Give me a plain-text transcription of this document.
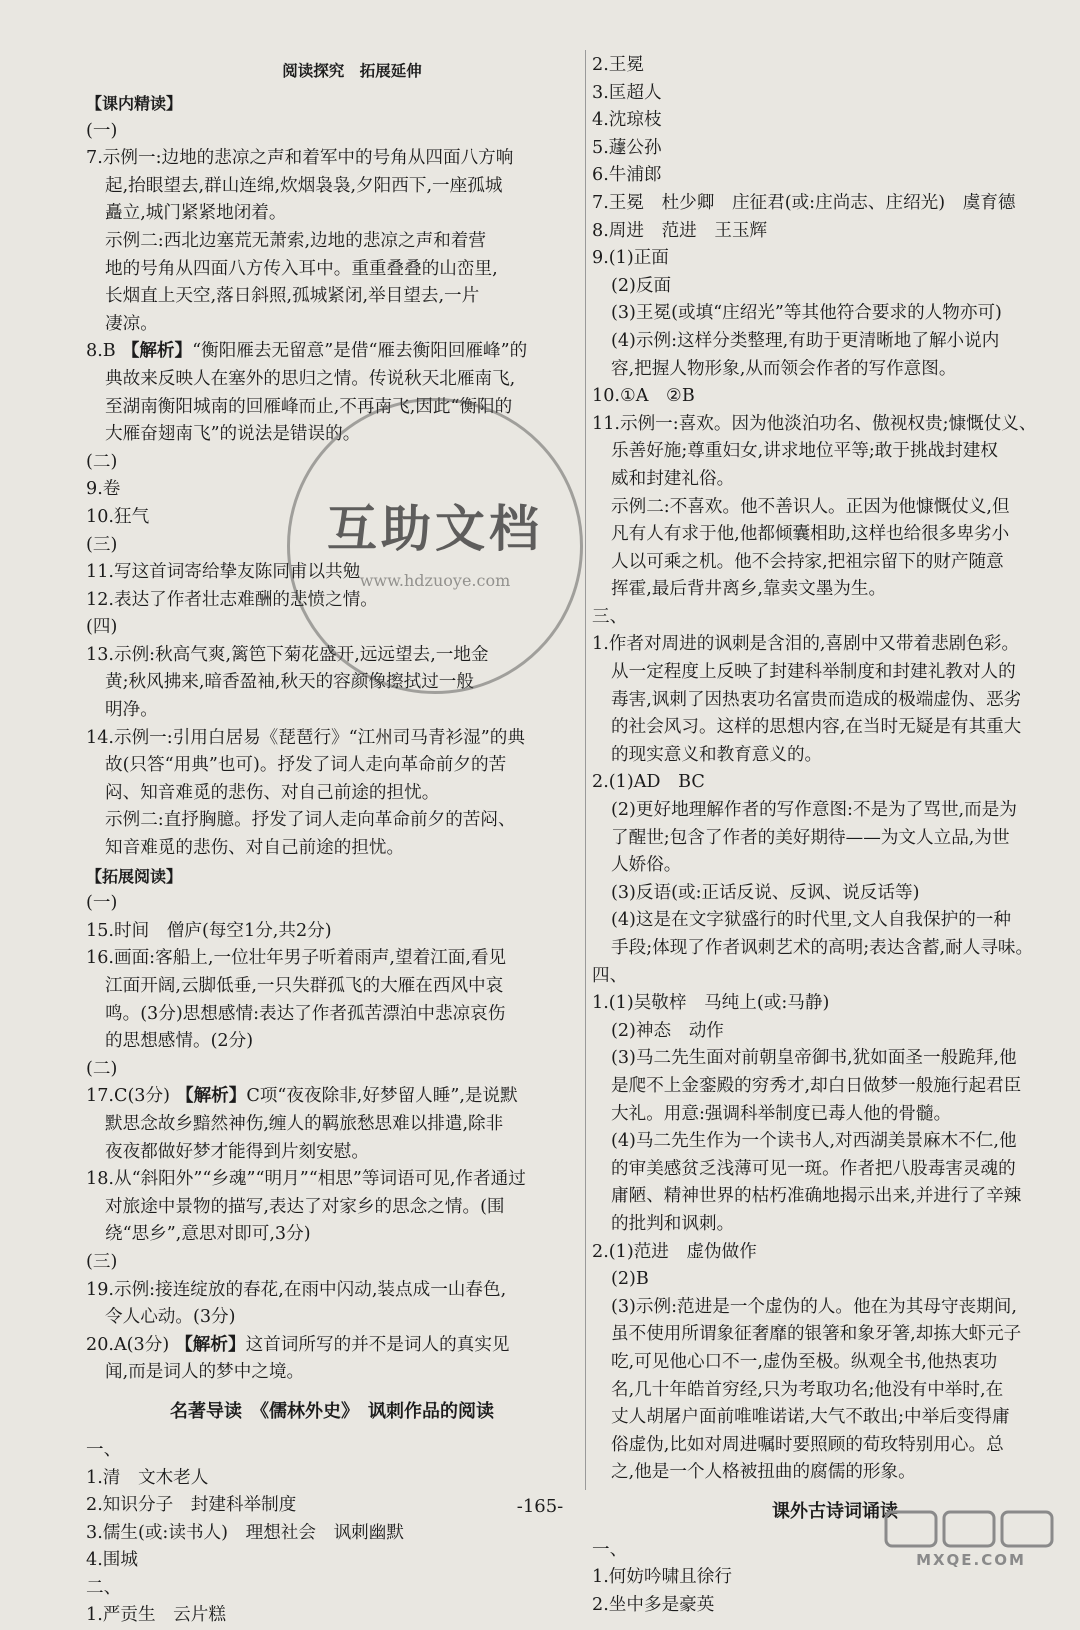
阅读探究　拓展延伸
【课内精读】
(一)
7.示例一:边地的悲凉之声和着军中的号角从四面八方响
起,抬眼望去,群山连绵,炊烟袅袅,夕阳西下,一座孤城
矗立,城门紧紧地闭着。
示例二:西北边塞荒无萧索,边地的悲凉之声和着营
地的号角从四面八方传入耳中。重重叠叠的山峦里,
长烟直上天空,落日斜照,孤城紧闭,举目望去,一片
凄凉。
8.B 【解析】“衡阳雁去无留意”是借“雁去衡阳回雁峰”的
典故来反映人在塞外的思归之情。传说秋天北雁南飞,
至湖南衡阳城南的回雁峰而止,不再南飞,因此“衡阳的
大雁奋翅南飞”的说法是错误的。
(二)
9.卷
10.狂气
(三)
11.写这首词寄给挚友陈同甫以共勉
12.表达了作者壮志难酬的悲愤之情。
(四)
13.示例:秋高气爽,篱笆下菊花盛开,远远望去,一地金
黄;秋风拂来,暗香盈袖,秋天的容颜像擦拭过一般
明净。
14.示例一:引用白居易《琵琶行》“江州司马青衫湿”的典
故(只答“用典”也可)。抒发了词人走向革命前夕的苦
闷、知音难觅的悲伤、对自己前途的担忧。
示例二:直抒胸臆。抒发了词人走向革命前夕的苦闷、
知音难觅的悲伤、对自己前途的担忧。
【拓展阅读】
(一)
15.时间　僧庐(每空1分,共2分)
16.画面:客船上,一位壮年男子听着雨声,望着江面,看见
江面开阔,云脚低垂,一只失群孤飞的大雁在西风中哀
鸣。(3分)思想感情:表达了作者孤苦漂泊中悲凉哀伤
的思想感情。(2分)
(二)
17.C(3分) 【解析】C项“夜夜除非,好梦留人睡”,是说默
默思念故乡黯然神伤,缠人的羁旅愁思难以排遣,除非
夜夜都做好梦才能得到片刻安慰。
18.从“斜阳外”“乡魂”“明月”“相思”等词语可见,作者通过
对旅途中景物的描写,表达了对家乡的思念之情。(围
绕“思乡”,意思对即可,3分)
(三)
19.示例:接连绽放的春花,在雨中闪动,装点成一山春色,
令人心动。(3分)
20.A(3分) 【解析】这首词所写的并不是词人的真实见
闻,而是词人的梦中之境。
名著导读　《儒林外史》　讽刺作品的阅读
一、
1.清　文木老人
2.知识分子　封建科举制度
3.儒生(或:读书人)　理想社会　讽刺幽默
4.围城
二、
1.严贡生　云片糕
2.王冕
3.匡超人
4.沈琼枝
5.蘧公孙
6.牛浦郎
7.王冕　杜少卿　庄征君(或:庄尚志、庄绍光)　虞育德
8.周进　范进　王玉辉
9.(1)正面
(2)反面
(3)王冕(或填“庄绍光”等其他符合要求的人物亦可)
(4)示例:这样分类整理,有助于更清晰地了解小说内
容,把握人物形象,从而领会作者的写作意图。
10.①A　②B
11.示例一:喜欢。因为他淡泊功名、傲视权贵;慷慨仗义、
乐善好施;尊重妇女,讲求地位平等;敢于挑战封建权
威和封建礼俗。
示例二:不喜欢。他不善识人。正因为他慷慨仗义,但
凡有人有求于他,他都倾囊相助,这样也给很多卑劣小
人以可乘之机。他不会持家,把祖宗留下的财产随意
挥霍,最后背井离乡,靠卖文墨为生。
三、
1.作者对周进的讽刺是含泪的,喜剧中又带着悲剧色彩。
从一定程度上反映了封建科举制度和封建礼教对人的
毒害,讽刺了因热衷功名富贵而造成的极端虚伪、恶劣
的社会风习。这样的思想内容,在当时无疑是有其重大
的现实意义和教育意义的。
2.(1)AD　BC
(2)更好地理解作者的写作意图:不是为了骂世,而是为
了醒世;包含了作者的美好期待——为文人立品,为世
人娇俗。
(3)反语(或:正话反说、反讽、说反话等)
(4)这是在文字狱盛行的时代里,文人自我保护的一种
手段;体现了作者讽刺艺术的高明;表达含蓄,耐人寻味。
四、
1.(1)吴敬梓　马纯上(或:马静)
(2)神态　动作
(3)马二先生面对前朝皇帝御书,犹如面圣一般跪拜,他
是爬不上金銮殿的穷秀才,却白日做梦一般施行起君臣
大礼。用意:强调科举制度已毒人他的骨髓。
(4)马二先生作为一个读书人,对西湖美景麻木不仁,他
的审美感贫乏浅薄可见一斑。作者把八股毒害灵魂的
庸陋、精神世界的枯朽准确地揭示出来,并进行了辛辣
的批判和讽刺。
2.(1)范进　虚伪做作
(2)B
(3)示例:范进是一个虚伪的人。他在为其母守丧期间,
虽不使用所谓象征奢靡的银箸和象牙箸,却拣大虾元子
吃,可见他心口不一,虚伪至极。纵观全书,他热衷功
名,几十年皓首穷经,只为考取功名;他没有中举时,在
丈人胡屠户面前唯唯诺诺,大气不敢出;中举后变得庸
俗虚伪,比如对周进嘱时要照顾的荀玫特别用心。总
之,他是一个人格被扭曲的腐儒的形象。
课外古诗词诵读
一、
1.何妨吟啸且徐行
2.坐中多是豪英
互助文档
www.hdzuoye.com
-165-
MXQE.COM
